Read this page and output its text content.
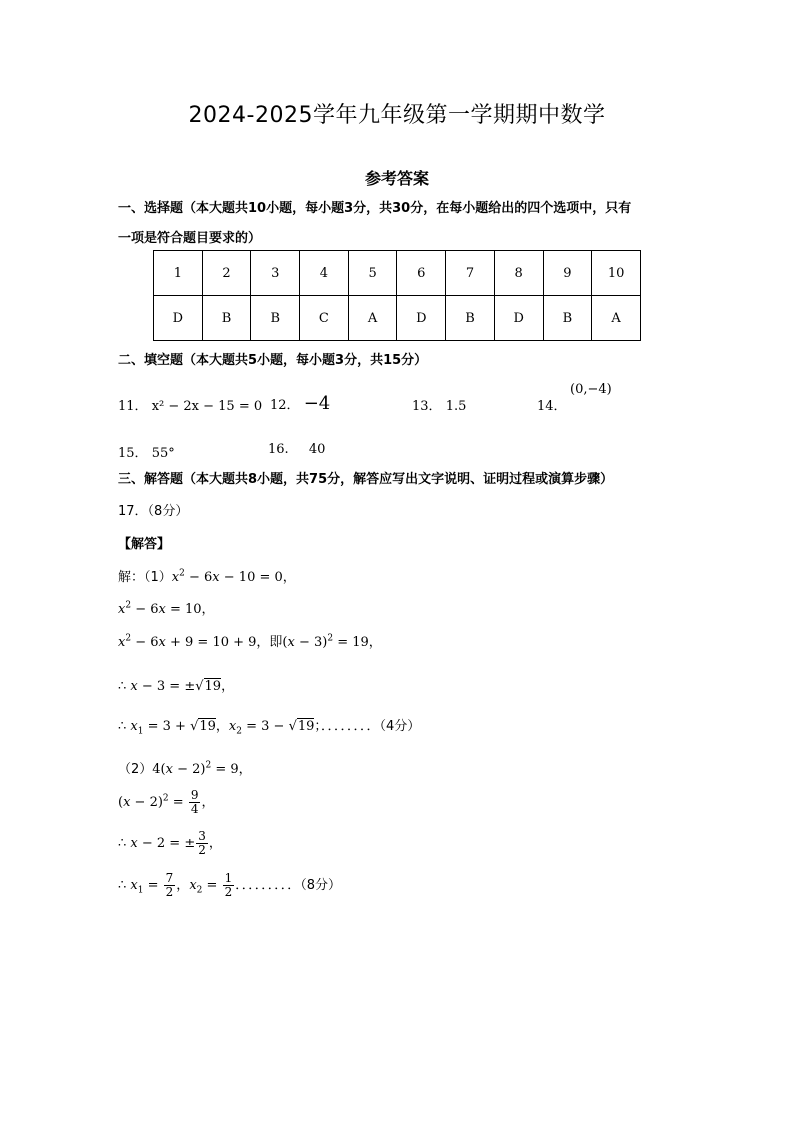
2024-2025学年九年级第一学期期中数学
参考答案
一、选择题（本大题共10小题，每小题3分，共30分，在每小题给出的四个选项中，只有
一项是符合题目要求的）
1	2	3	4	5	6	7	8	9	10
D	B	B	C	A	D	B	D	B	A
二、填空题（本大题共5小题，每小题3分，共15分）
11． x² − 2x − 15 = 0 12． −4	13． 1.5	14．
(0,−4)
15． 55°	16. 40
三、解答题（本大题共8小题，共75分，解答应写出文字说明、证明过程或演算步骤）
17．（8分）
【解答】
解：$(1)x^2 - 6x - 10 = 0$，
$x^2 - 6x = 10$，
$x^2 - 6x + 9 = 10 + 9$，即$(x - 3)^2 = 19$，
∴ x − 3 = ±√19，
∴ $x_1 = 3 + √19$，$x_2 = 3 - √19$；．．．．．．．．（4分）
$(2)4(x - 2)^2 = 9$，
$(x - 2)^2 = \frac{9}{4}$ ，
∴ x − 2 = ± $\frac{3}{2}$ ，
∴ $x_1 = \frac{7}{2}$ ，$x_2 = \frac{1}{2}$ ．．．．．．．．．（8分）
